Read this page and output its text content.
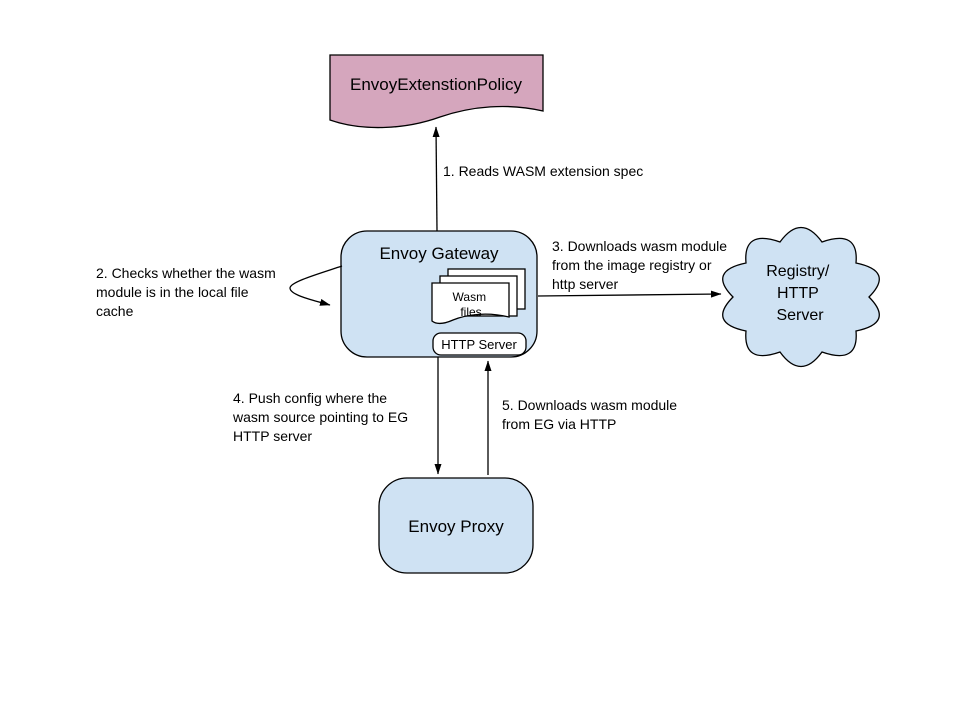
EnvoyExtenstionPolicy
1. Reads WASM extension spec
Envoy Gateway
Wasm files
HTTP Server
2. Checks whether the wasm module is in the local file cache
3. Downloads wasm module from the image registry or http server
Registry/ HTTP Server
4. Push config where the wasm source pointing to EG HTTP server
5. Downloads wasm module from EG via HTTP
Envoy Proxy
